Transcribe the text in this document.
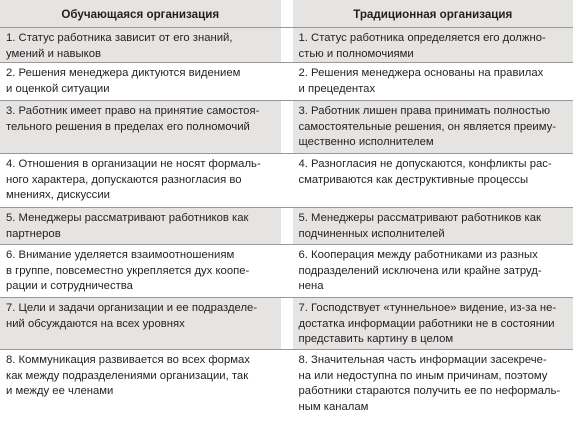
Обучающаяся организация	Традиционная организация
1. Статус работника зависит от его знаний,
умений и навыков
1. Статус работника определяется его должно-
стью и полномочиями
2. Решения менеджера диктуются видением
и оценкой ситуации
2. Решения менеджера основаны на правилах
и прецедентах
3. Работник имеет право на принятие самостоя-
тельного решения в пределах его полномочий
3. Работник лишен права принимать полностью
самостоятельные решения, он является преиму-
щественно исполнителем
4. Отношения в организации не носят формаль-
ного характера, допускаются разногласия во
мнениях, дискуссии
4. Разногласия не допускаются, конфликты рас-
сматриваются как деструктивные процессы
5. Менеджеры рассматривают работников как
партнеров
5. Менеджеры рассматривают работников как
подчиненных исполнителей
6. Внимание уделяется взаимоотношениям
в группе, повсеместно укрепляется дух коопе-
рации и сотрудничества
6. Кооперация между работниками из разных
подразделений исключена или крайне затруд-
нена
7. Цели и задачи организации и ее подразделе-
ний обсуждаются на всех уровнях
7. Господствует «туннельное» видение, из-за не-
достатка информации работники не в состоянии
представить картину в целом
8. Коммуникация развивается во всех формах
как между подразделениями организации, так
и между ее членами
8. Значительная часть информации засекрече-
на или недоступна по иным причинам, поэтому
работники стараются получить ее по неформаль-
ным каналам
